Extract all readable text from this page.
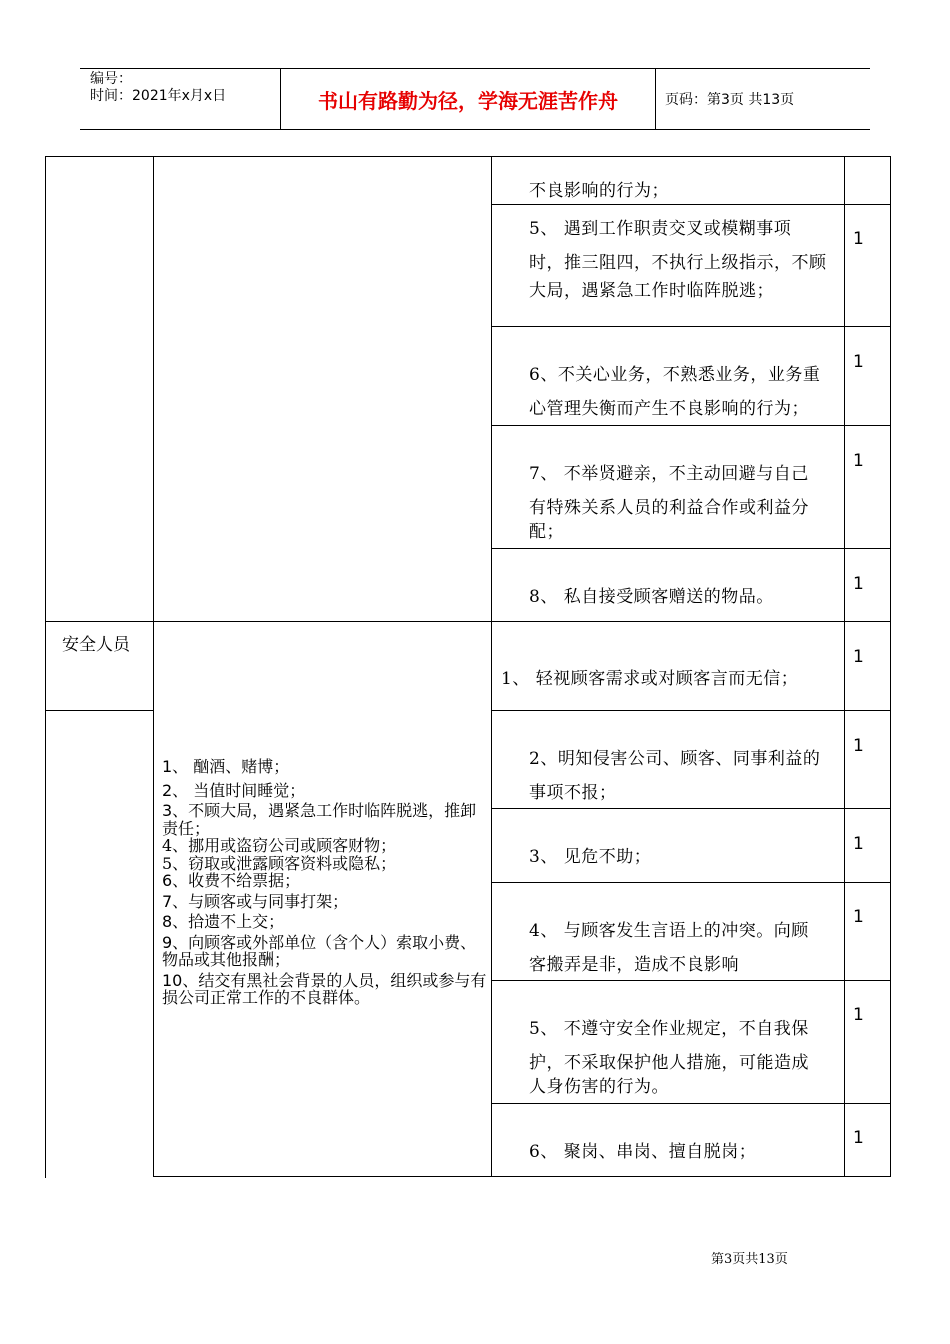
编号：
时间：2021年x月x日	书山有路勤为径，学海无涯苦作舟	页码：第3页 共13页
不良影响的行为；
5、 遇到工作职责交叉或模糊事项
时，推三阻四，不执行上级指示，不顾
大局，遇紧急工作时临阵脱逃；
1
6、不关心业务，不熟悉业务，业务重
心管理失衡而产生不良影响的行为；
1
7、 不举贤避亲，不主动回避与自己
有特殊关系人员的利益合作或利益分
配；
1
8、 私自接受顾客赠送的物品。
1
安全人员
1、 酗酒、赌博；
2、 当值时间睡觉；
3、不顾大局，遇紧急工作时临阵脱逃，推卸责任；
4、挪用或盗窃公司或顾客财物；
5、窃取或泄露顾客资料或隐私；
6、收费不给票据；
7、与顾客或与同事打架；
8、拾遗不上交；
9、向顾客或外部单位（含个人）索取小费、物品或其他报酬；
10、结交有黑社会背景的人员，组织或参与有损公司正常工作的不良群体。
1、 轻视顾客需求或对顾客言而无信；
1
2、明知侵害公司、顾客、同事利益的
事项不报；
1
3、 见危不助；
1
4、 与顾客发生言语上的冲突。向顾
客搬弄是非，造成不良影响
1
5、 不遵守安全作业规定，不自我保
护，不采取保护他人措施，可能造成
人身伤害的行为。
1
6、 聚岗、串岗、擅自脱岗；
1
第3页共13页
